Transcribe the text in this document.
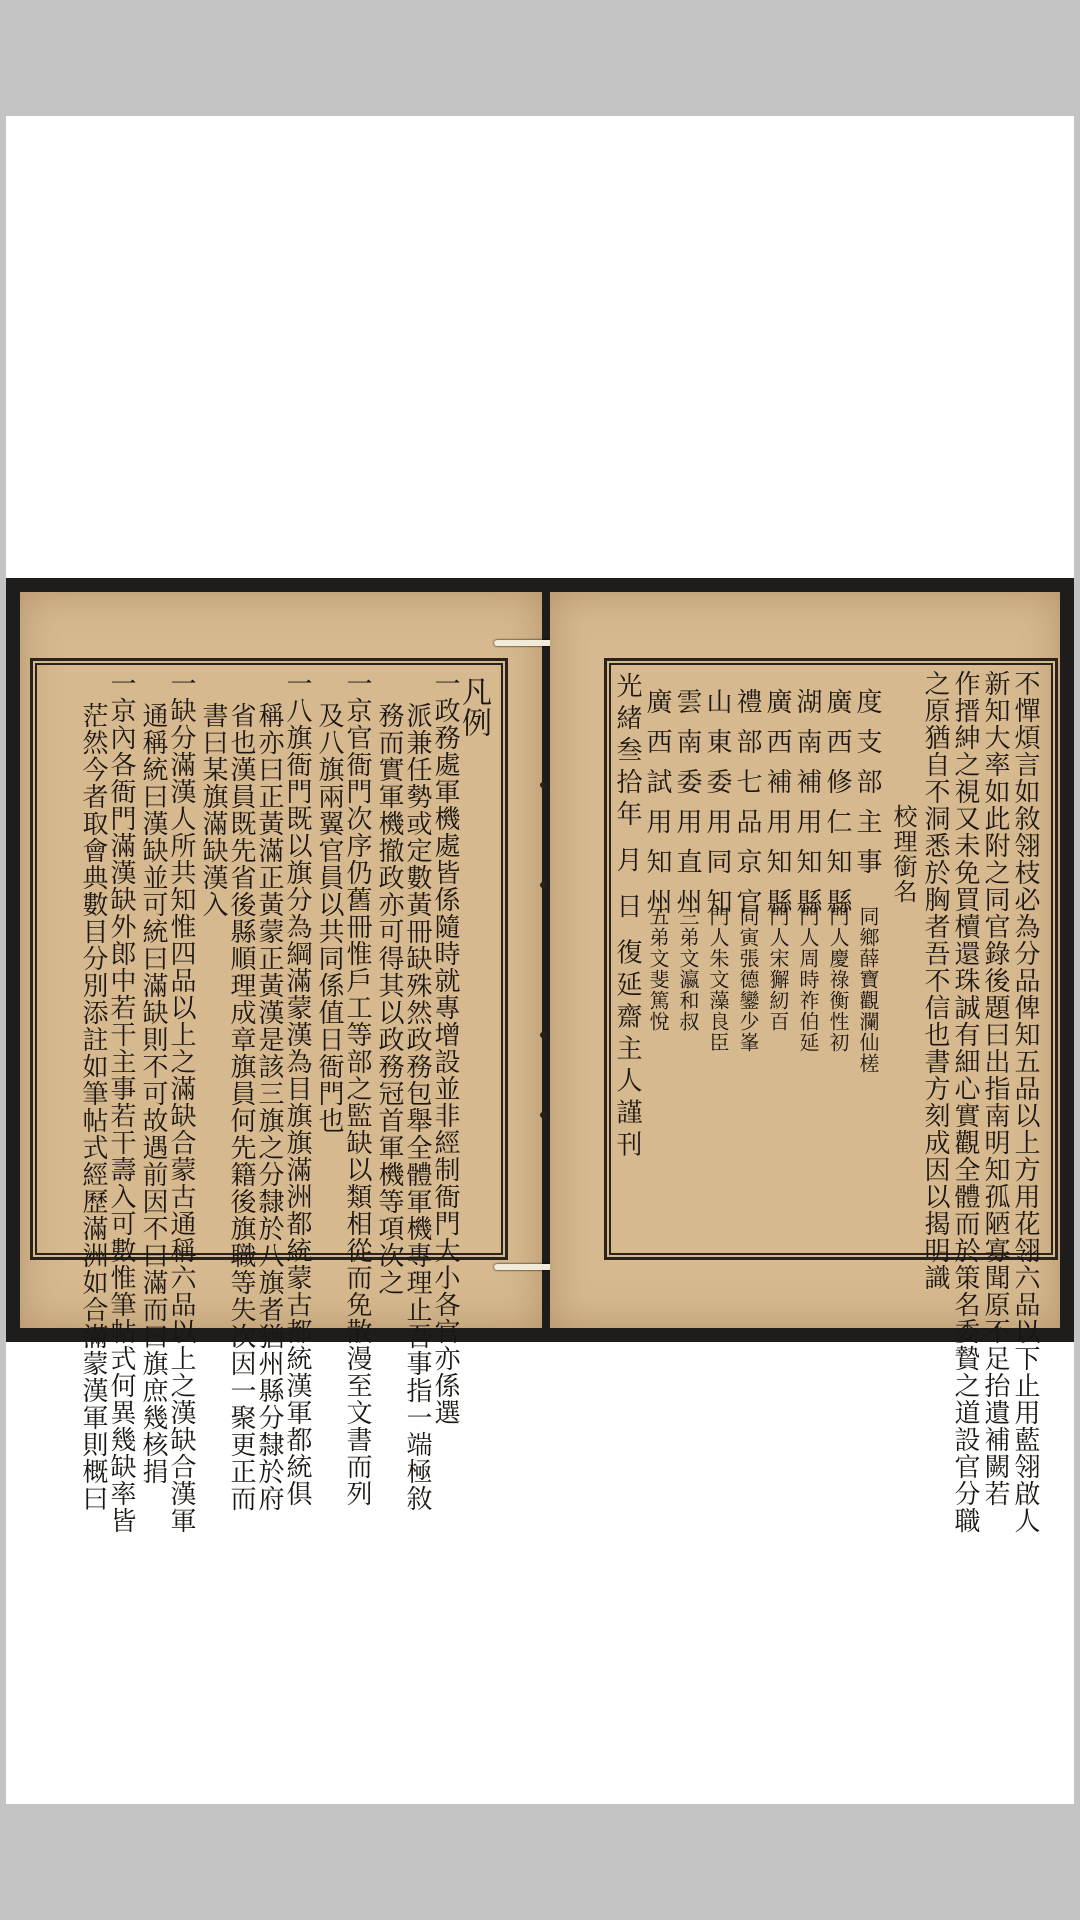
凡例
一政務處軍機處皆係隨時就專增設並非經制衙門大小各官亦係選
派兼任勢或定數黃冊缺殊然政務包舉全體軍機專理止吾事指一端極敘
務而實軍機撤政亦可得其以政務冠首軍機等項次之
一京官衙門次序仍舊冊惟戶工等部之監缺以類相從而免散漫至文書而列
及八旗兩翼官員以共同係值日衙門也
一八旗衙門既以旗分為綱滿蒙漢為目旗旗滿洲都統蒙古都統漢軍都統俱
稱亦曰正黃滿正黃蒙正黃漢是該三旗之分隸於八旗者猶州縣分隸於府
省也漢員既先省後縣順理成章旗員何先籍後旗職等失次因一聚更正而
書曰某旗滿缺漢入
一缺分滿漢人所共知惟四品以上之滿缺合蒙古通稱六品以上之漢缺合漢軍
通稱統曰漢缺並可統曰滿缺則不可故遇前因不曰滿而曰旗庶幾核捐
一京內各衙門滿漢缺外郎中若干主事若干壽入可數惟筆帖式何異幾缺率皆
茫然今者取會典數目分別添註如筆帖式經歷滿洲如合滿蒙漢軍則概曰	不憚煩言如敘翎枝必為分品俾知五品以上方用花翎六品以下止用藍翎啟人
新知大率如此附之同官錄後題曰出指南明知孤陋寡聞原不足抬遺補闕若
作搢紳之視又未免買櫝還珠誠有細心實觀全體而於策名委贄之道設官分職
之原猶自不洞悉於胸者吾不信也書方刻成因以揭明識
校理銜名
度支部主事
同鄉薛寶觀瀾仙槎
廣西修仁知縣
門人慶祿衡性初
湖南補用知縣
門人周時祚伯延
廣西補用知縣
門人宋獬紉百
禮部七品京官
同寅張德鑾少峯
山東委用同知
門人朱文藻良臣
雲南委用直州
三弟文瀛和叔
廣西試用知州
五弟文斐篤悅
光緒叁拾年 月 日 復延齋主人謹刊
